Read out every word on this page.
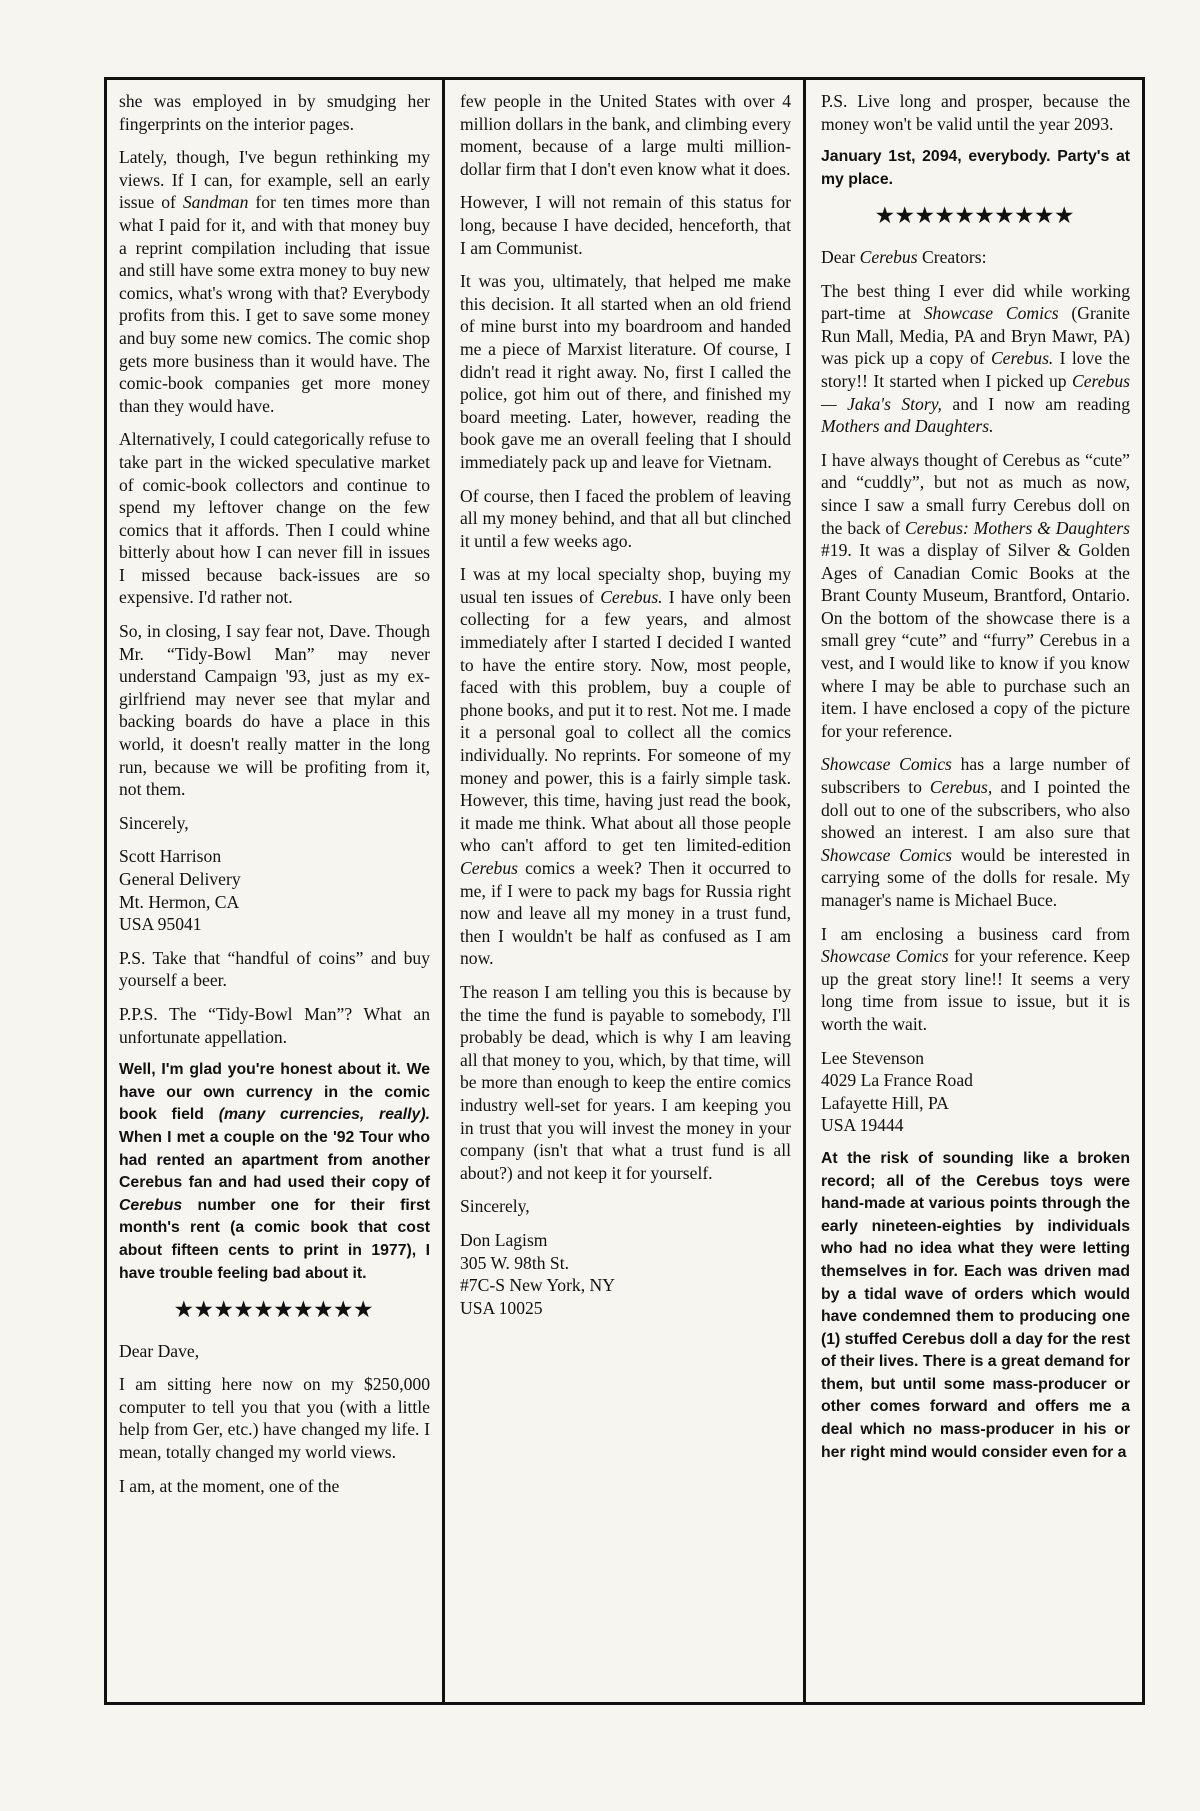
she was employed in by smudging her fingerprints on the interior pages.

Lately, though, I've begun rethinking my views. If I can, for example, sell an early issue of Sandman for ten times more than what I paid for it, and with that money buy a reprint compilation including that issue and still have some extra money to buy new comics, what's wrong with that? Everybody profits from this. I get to save some money and buy some new comics. The comic shop gets more business than it would have. The comic-book companies get more money than they would have.

Alternatively, I could categorically refuse to take part in the wicked speculative market of comic-book collectors and continue to spend my leftover change on the few comics that it affords. Then I could whine bitterly about how I can never fill in issues I missed because back-issues are so expensive. I'd rather not.

So, in closing, I say fear not, Dave. Though Mr. “Tidy-Bowl Man” may never understand Campaign '93, just as my ex-girlfriend may never see that mylar and backing boards do have a place in this world, it doesn't really matter in the long run, because we will be profiting from it, not them.

Sincerely,

Scott Harrison
General Delivery
Mt. Hermon, CA
USA 95041

P.S. Take that “handful of coins” and buy yourself a beer.

P.P.S. The “Tidy-Bowl Man”? What an unfortunate appellation.

Well, I'm glad you're honest about it. We have our own currency in the comic book field (many currencies, really). When I met a couple on the '92 Tour who had rented an apartment from another Cerebus fan and had used their copy of Cerebus number one for their first month's rent (a comic book that cost about fifteen cents to print in 1977), I have trouble feeling bad about it.

★★★★★★★★★★

Dear Dave,

I am sitting here now on my $250,000 computer to tell you that you (with a little help from Ger, etc.) have changed my life. I mean, totally changed my world views.

I am, at the moment, one of the

few people in the United States with over 4 million dollars in the bank, and climbing every moment, because of a large multi million-dollar firm that I don't even know what it does.

However, I will not remain of this status for long, because I have decided, henceforth, that I am Communist.

It was you, ultimately, that helped me make this decision. It all started when an old friend of mine burst into my boardroom and handed me a piece of Marxist literature. Of course, I didn't read it right away. No, first I called the police, got him out of there, and finished my board meeting. Later, however, reading the book gave me an overall feeling that I should immediately pack up and leave for Vietnam.

Of course, then I faced the problem of leaving all my money behind, and that all but clinched it until a few weeks ago.

I was at my local specialty shop, buying my usual ten issues of Cerebus. I have only been collecting for a few years, and almost immediately after I started I decided I wanted to have the entire story. Now, most people, faced with this problem, buy a couple of phone books, and put it to rest. Not me. I made it a personal goal to collect all the comics individually. No reprints. For someone of my money and power, this is a fairly simple task. However, this time, having just read the book, it made me think. What about all those people who can't afford to get ten limited-edition Cerebus comics a week? Then it occurred to me, if I were to pack my bags for Russia right now and leave all my money in a trust fund, then I wouldn't be half as confused as I am now.

The reason I am telling you this is because by the time the fund is payable to somebody, I'll probably be dead, which is why I am leaving all that money to you, which, by that time, will be more than enough to keep the entire comics industry well-set for years. I am keeping you in trust that you will invest the money in your company (isn't that what a trust fund is all about?) and not keep it for yourself.

Sincerely,

Don Lagism
305 W. 98th St.
#7C-S New York, NY
USA 10025

P.S. Live long and prosper, because the money won't be valid until the year 2093.

January 1st, 2094, everybody. Party's at my place.

★★★★★★★★★★

Dear Cerebus Creators:

The best thing I ever did while working part-time at Showcase Comics (Granite Run Mall, Media, PA and Bryn Mawr, PA) was pick up a copy of Cerebus. I love the story!! It started when I picked up Cerebus — Jaka's Story, and I now am reading Mothers and Daughters.

I have always thought of Cerebus as “cute” and “cuddly”, but not as much as now, since I saw a small furry Cerebus doll on the back of Cerebus: Mothers & Daughters #19. It was a display of Silver & Golden Ages of Canadian Comic Books at the Brant County Museum, Brantford, Ontario. On the bottom of the showcase there is a small grey “cute” and “furry” Cerebus in a vest, and I would like to know if you know where I may be able to purchase such an item. I have enclosed a copy of the picture for your reference.

Showcase Comics has a large number of subscribers to Cerebus, and I pointed the doll out to one of the subscribers, who also showed an interest. I am also sure that Showcase Comics would be interested in carrying some of the dolls for resale. My manager's name is Michael Buce.

I am enclosing a business card from Showcase Comics for your reference. Keep up the great story line!! It seems a very long time from issue to issue, but it is worth the wait.

Lee Stevenson
4029 La France Road
Lafayette Hill, PA
USA 19444

At the risk of sounding like a broken record; all of the Cerebus toys were hand-made at various points through the early nineteen-eighties by individuals who had no idea what they were letting themselves in for. Each was driven mad by a tidal wave of orders which would have condemned them to producing one (1) stuffed Cerebus doll a day for the rest of their lives. There is a great demand for them, but until some mass-producer or other comes forward and offers me a deal which no mass-producer in his or her right mind would consider even for a
